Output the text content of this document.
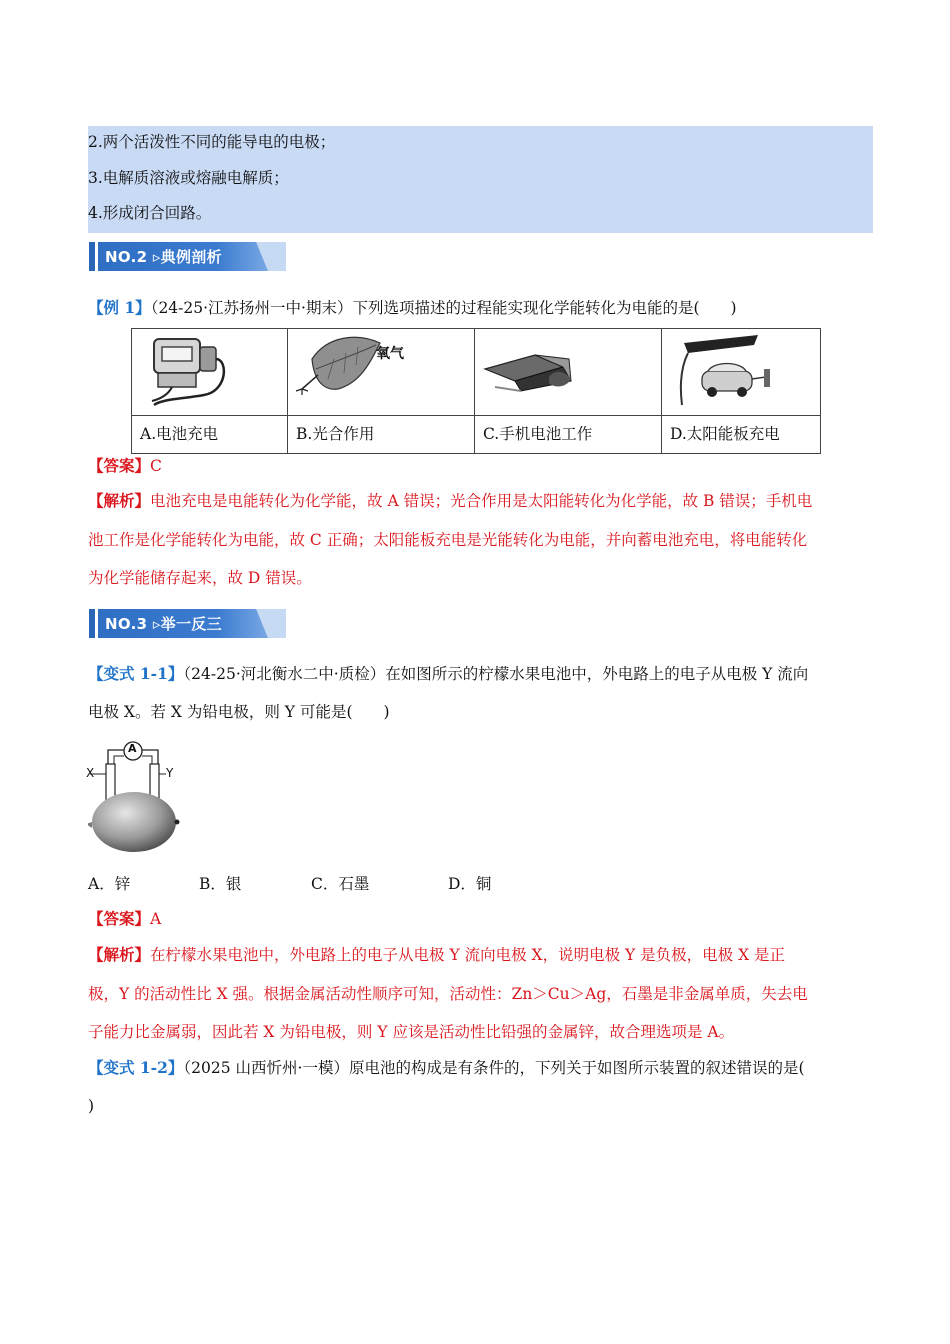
2.两个活泼性不同的能导电的电极；
3.电解质溶液或熔融电解质；
4.形成闭合回路。
NO.2 ▹典例剖析
【例 1】（24-25·江苏扬州一中·期末）下列选项描述的过程能实现化学能转化为电能的是(　　)

氧气

A.电池充电	B.光合作用	C.手机电池工作	D.太阳能板充电
【答案】C
【解析】电池充电是电能转化为化学能，故 A 错误；光合作用是太阳能转化为化学能，故 B 错误；手机电
池工作是化学能转化为电能，故 C 正确；太阳能板充电是光能转化为电能，并向蓄电池充电，将电能转化
为化学能储存起来，故 D 错误。
NO.3 ▹举一反三
【变式 1-1】（24-25·河北衡水二中·质检）在如图所示的柠檬水果电池中，外电路上的电子从电极 Y 流向
电极 X。若 X 为铅电极，则 Y 可能是(　　)
A
X	Y
A．锌	B．银	C．石墨	D．铜
【答案】A
【解析】在柠檬水果电池中，外电路上的电子从电极 Y 流向电极 X，说明电极 Y 是负极，电极 X 是正
极，Y 的活动性比 X 强。根据金属活动性顺序可知，活动性：Zn＞Cu＞Ag，石墨是非金属单质，失去电
子能力比金属弱，因此若 X 为铅电极，则 Y 应该是活动性比铅强的金属锌，故合理选项是 A。
【变式 1-2】（2025 山西忻州·一模）原电池的构成是有条件的，下列关于如图所示装置的叙述错误的是(
)
